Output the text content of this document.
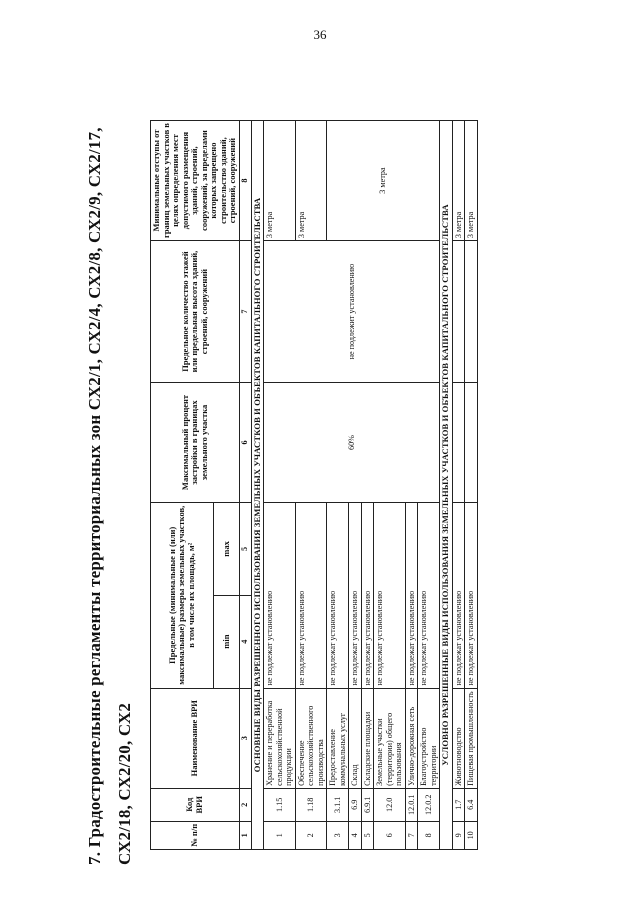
36
7. Градостроительные регламенты территориальных зон СХ2/1, СХ2/4, СХ2/8, СХ2/9, СХ2/17, СХ2/18, СХ2/20, СХ2	№ п/п	Код ВРИ	Наименование ВРИ	Предельные (минимальные и (или) максимальные) размеры земельных участков, в том числе их площадь, м²		Максимальный процент застройки в границах земельного участка	Предельное количество этажей или предельная высота зданий, строений, сооружений	Минимальные отступы от границ земельных участков в целях определения мест допустимого размещения зданий, строений, сооружений, за пределами которых запрещено строительство зданий, строений, сооружений
			min	max			
1	2	3	4	5	6	7	8
ОСНОВНЫЕ ВИДЫ РАЗРЕШЕННОГО ИСПОЛЬЗОВАНИЯ ЗЕМЕЛЬНЫХ УЧАСТКОВ И ОБЪЕКТОВ КАПИТАЛЬНОГО СТРОИТЕЛЬСТВА							
1	1.15	Хранение и переработка сельскохозяйственной продукции	не подлежат установлению		60%	не подлежит установлению	3 метра
2	1.18	Обеспечение сельскохозяйственного производства	не подлежат установлению				3 метра
3	3.1.1	Предоставление коммунальных услуг	не подлежат установлению				3 метра
4	6.9	Склад	не подлежат установлению				
5	6.9.1	Складские площадки	не подлежат установлению				
6	12.0	Земельные участки (территории) общего пользования	не подлежат установлению				
7	12.0.1	Улично-дорожная сеть	не подлежат установлению				
8	12.0.2	Благоустройство территории	не подлежат установлению				
УСЛОВНО РАЗРЕШЕННЫЕ ВИДЫ ИСПОЛЬЗОВАНИЯ ЗЕМЕЛЬНЫХ УЧАСТКОВ И ОБЪЕКТОВ КАПИТАЛЬНОГО СТРОИТЕЛЬСТВА							
9	1.7	Животноводство	не подлежат установлению				3 метра
10	6.4	Пищевая промышленность	не подлежат установлению				3 метра
